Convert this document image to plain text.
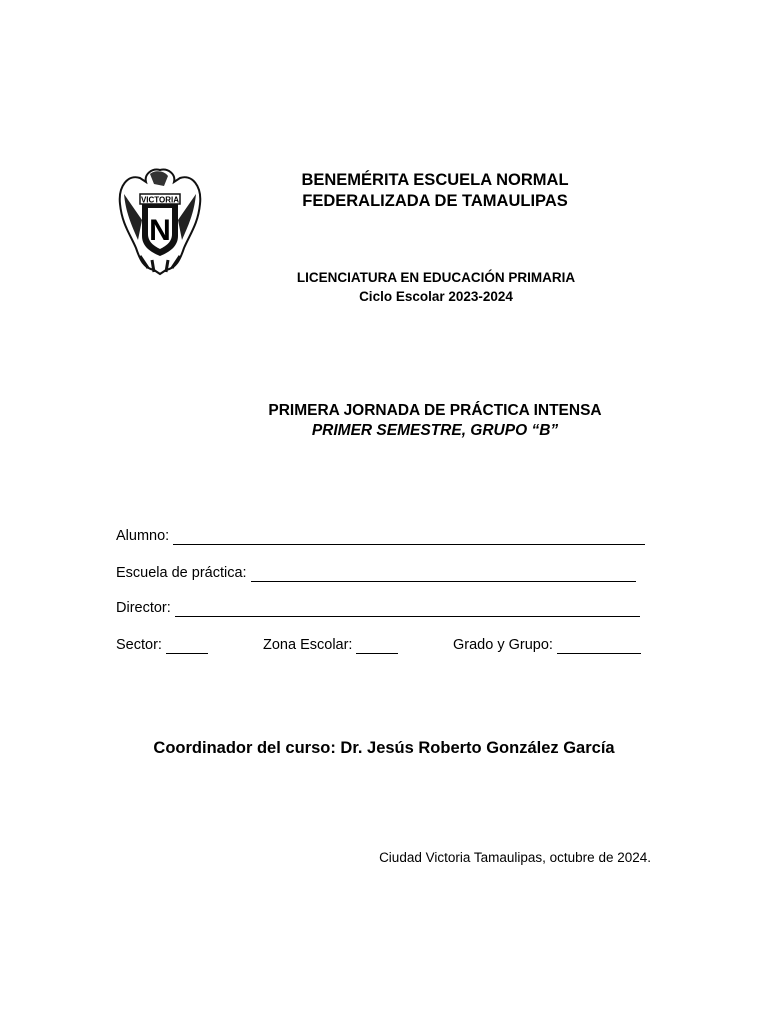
VICTORIA
N
BENEMÉRITA ESCUELA NORMAL
FEDERALIZADA DE TAMAULIPAS
LICENCIATURA EN EDUCACIÓN PRIMARIA
Ciclo Escolar 2023-2024
PRIMERA JORNADA DE PRÁCTICA INTENSA
PRIMER SEMESTRE, GRUPO “B”
Alumno:
Escuela de práctica:
Director:
Sector:	Zona Escolar:	Grado y Grupo:
Coordinador del curso: Dr. Jesús Roberto González García
Ciudad Victoria Tamaulipas, octubre de 2024.
